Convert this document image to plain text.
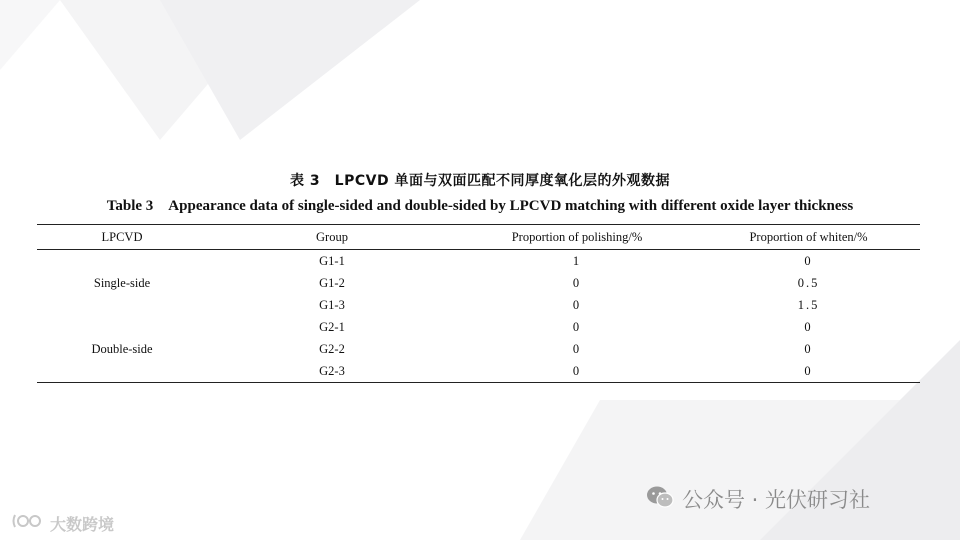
表 3　LPCVD 单面与双面匹配不同厚度氧化层的外观数据
Table 3　Appearance data of single-sided and double-sided by LPCVD matching with different oxide layer thickness
LPCVD	Group	Proportion of polishing/%	Proportion of whiten/%
Single-side	G1-1	1	0
	G1-2	0	0.5
	G1-3	0	1.5
Double-side	G2-1	0	0
	G2-2	0	0
	G2-3	0	0
公众号 · 光伏研习社
大数跨境
